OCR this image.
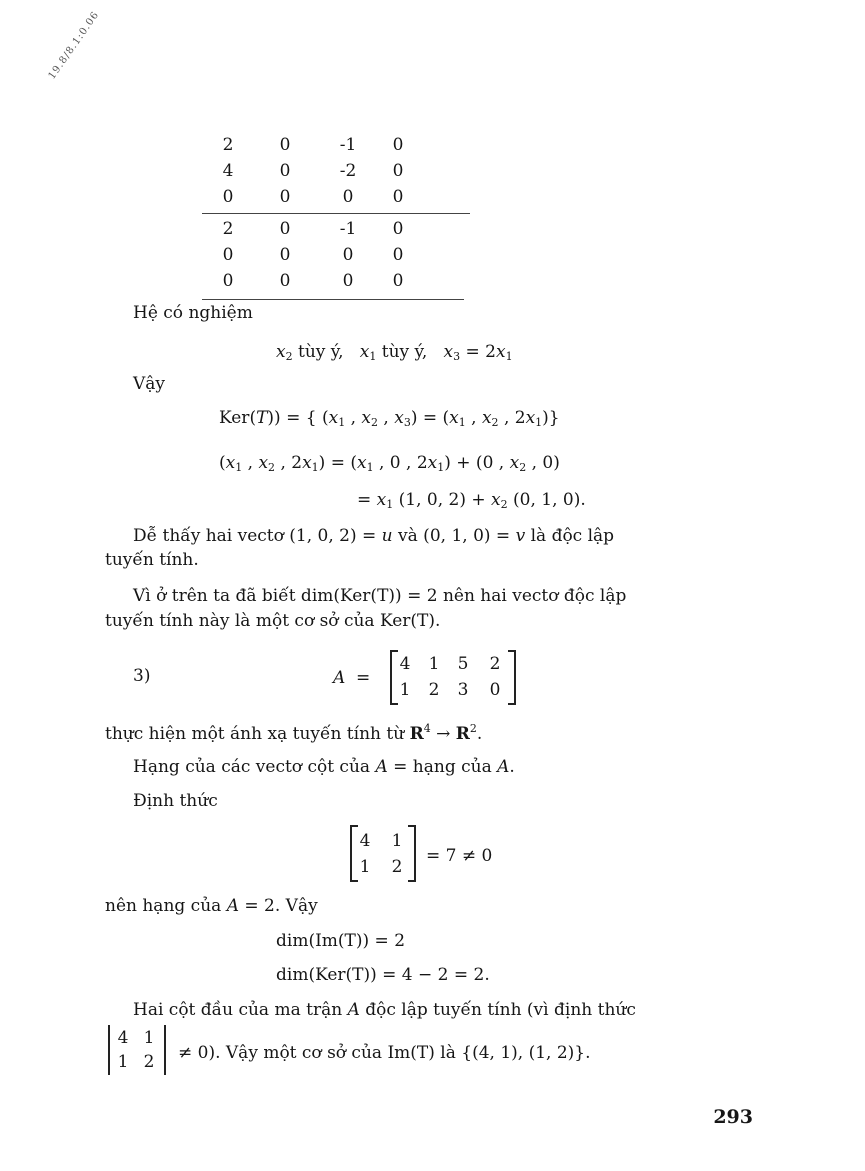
19.8/8.1:0.06
2	0	-1	0
4	0	-2	0
0	0	0	0
2	0	-1	0
0	0	0	0
0	0	0	0
Hệ có nghiệm
$x_2$ tùy ý, $x_1$ tùy ý, $x_3 = 2x_1$
Vậy
Ker(T)) = { ($x_1$ , $x_2$ , $x_3) = (x_1$ , $x_2$ , $2x_1$)}
($x_1$ , $x_2$ , $2x_1) = (x_1$ , 0 , $2x_1) + (0$ , $x_2$ , 0)
= $x_1$ (1, 0, $2) + x_2$ (0, 1, 0).
Dễ thấy hai vectơ (1, 0, 2) = u và (0, 1, 0) = v là độc lập
tuyến tính.
Vì ở trên ta đã biết dim(Ker(T)) = 2 nên hai vectơ độc lập
tuyến tính này là một cơ sở của Ker(T).
3)	A =
4	1	5	2
1	2	3	0
thực hiện một ánh xạ tuyến tính từ $R^4 \to R^2$.
Hạng của các vectơ cột của A = hạng của A.
Định thức
4	1
1	2
= 7 ≠ 0
nên hạng của A = 2. Vậy
dim(Im(T)) = 2
dim(Ker(T)) = 4 − 2 = 2.
Hai cột đầu của ma trận A độc lập tuyến tính (vì định thức
4 1
1 2	≠ 0). Vậy một cơ sở của Im(T) là {(4, 1), (1, 2)}.
293
